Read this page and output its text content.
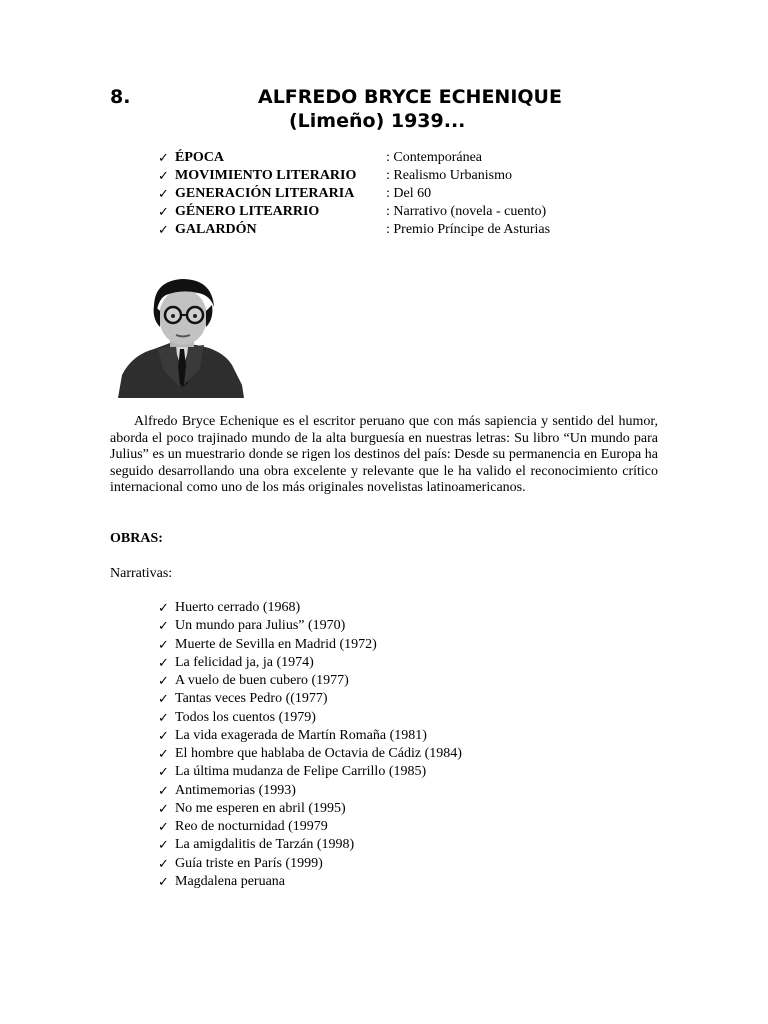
8.	ALFREDO BRYCE ECHENIQUE
(Limeño) 1939...
✓ ÉPOCA	: Contemporánea
✓ MOVIMIENTO LITERARIO	: Realismo Urbanismo
✓ GENERACIÓN LITERARIA	: Del 60
✓ GÉNERO LITEARRIO	: Narrativo (novela - cuento)
✓ GALARDÓN	: Premio Príncipe de Asturias

Alfredo Bryce Echenique es el escritor peruano que con más sapiencia y sentido del humor, aborda el poco trajinado mundo de la alta burguesía en nuestras letras: Su libro “Un mundo para Julius” es un muestrario donde se rigen los destinos del país: Desde su permanencia en Europa ha seguido desarrollando una obra excelente y relevante que le ha valido el reconocimiento crítico internacional como uno de los más originales novelistas latinoamericanos.

OBRAS:
Narrativas:
✓ Huerto cerrado (1968)
✓ Un mundo para Julius” (1970)
✓ Muerte de Sevilla en Madrid (1972)
✓ La felicidad ja, ja (1974)
✓ A vuelo de buen cubero (1977)
✓ Tantas veces Pedro ((1977)
✓ Todos los cuentos (1979)
✓ La vida exagerada de Martín Romaña (1981)
✓ El hombre que hablaba de Octavia de Cádiz (1984)
✓ La última mudanza de Felipe Carrillo (1985)
✓ Antimemorias (1993)
✓ No me esperen en abril (1995)
✓ Reo de nocturnidad (19979
✓ La amigdalitis de Tarzán (1998)
✓ Guía triste en París (1999)
✓ Magdalena peruana
